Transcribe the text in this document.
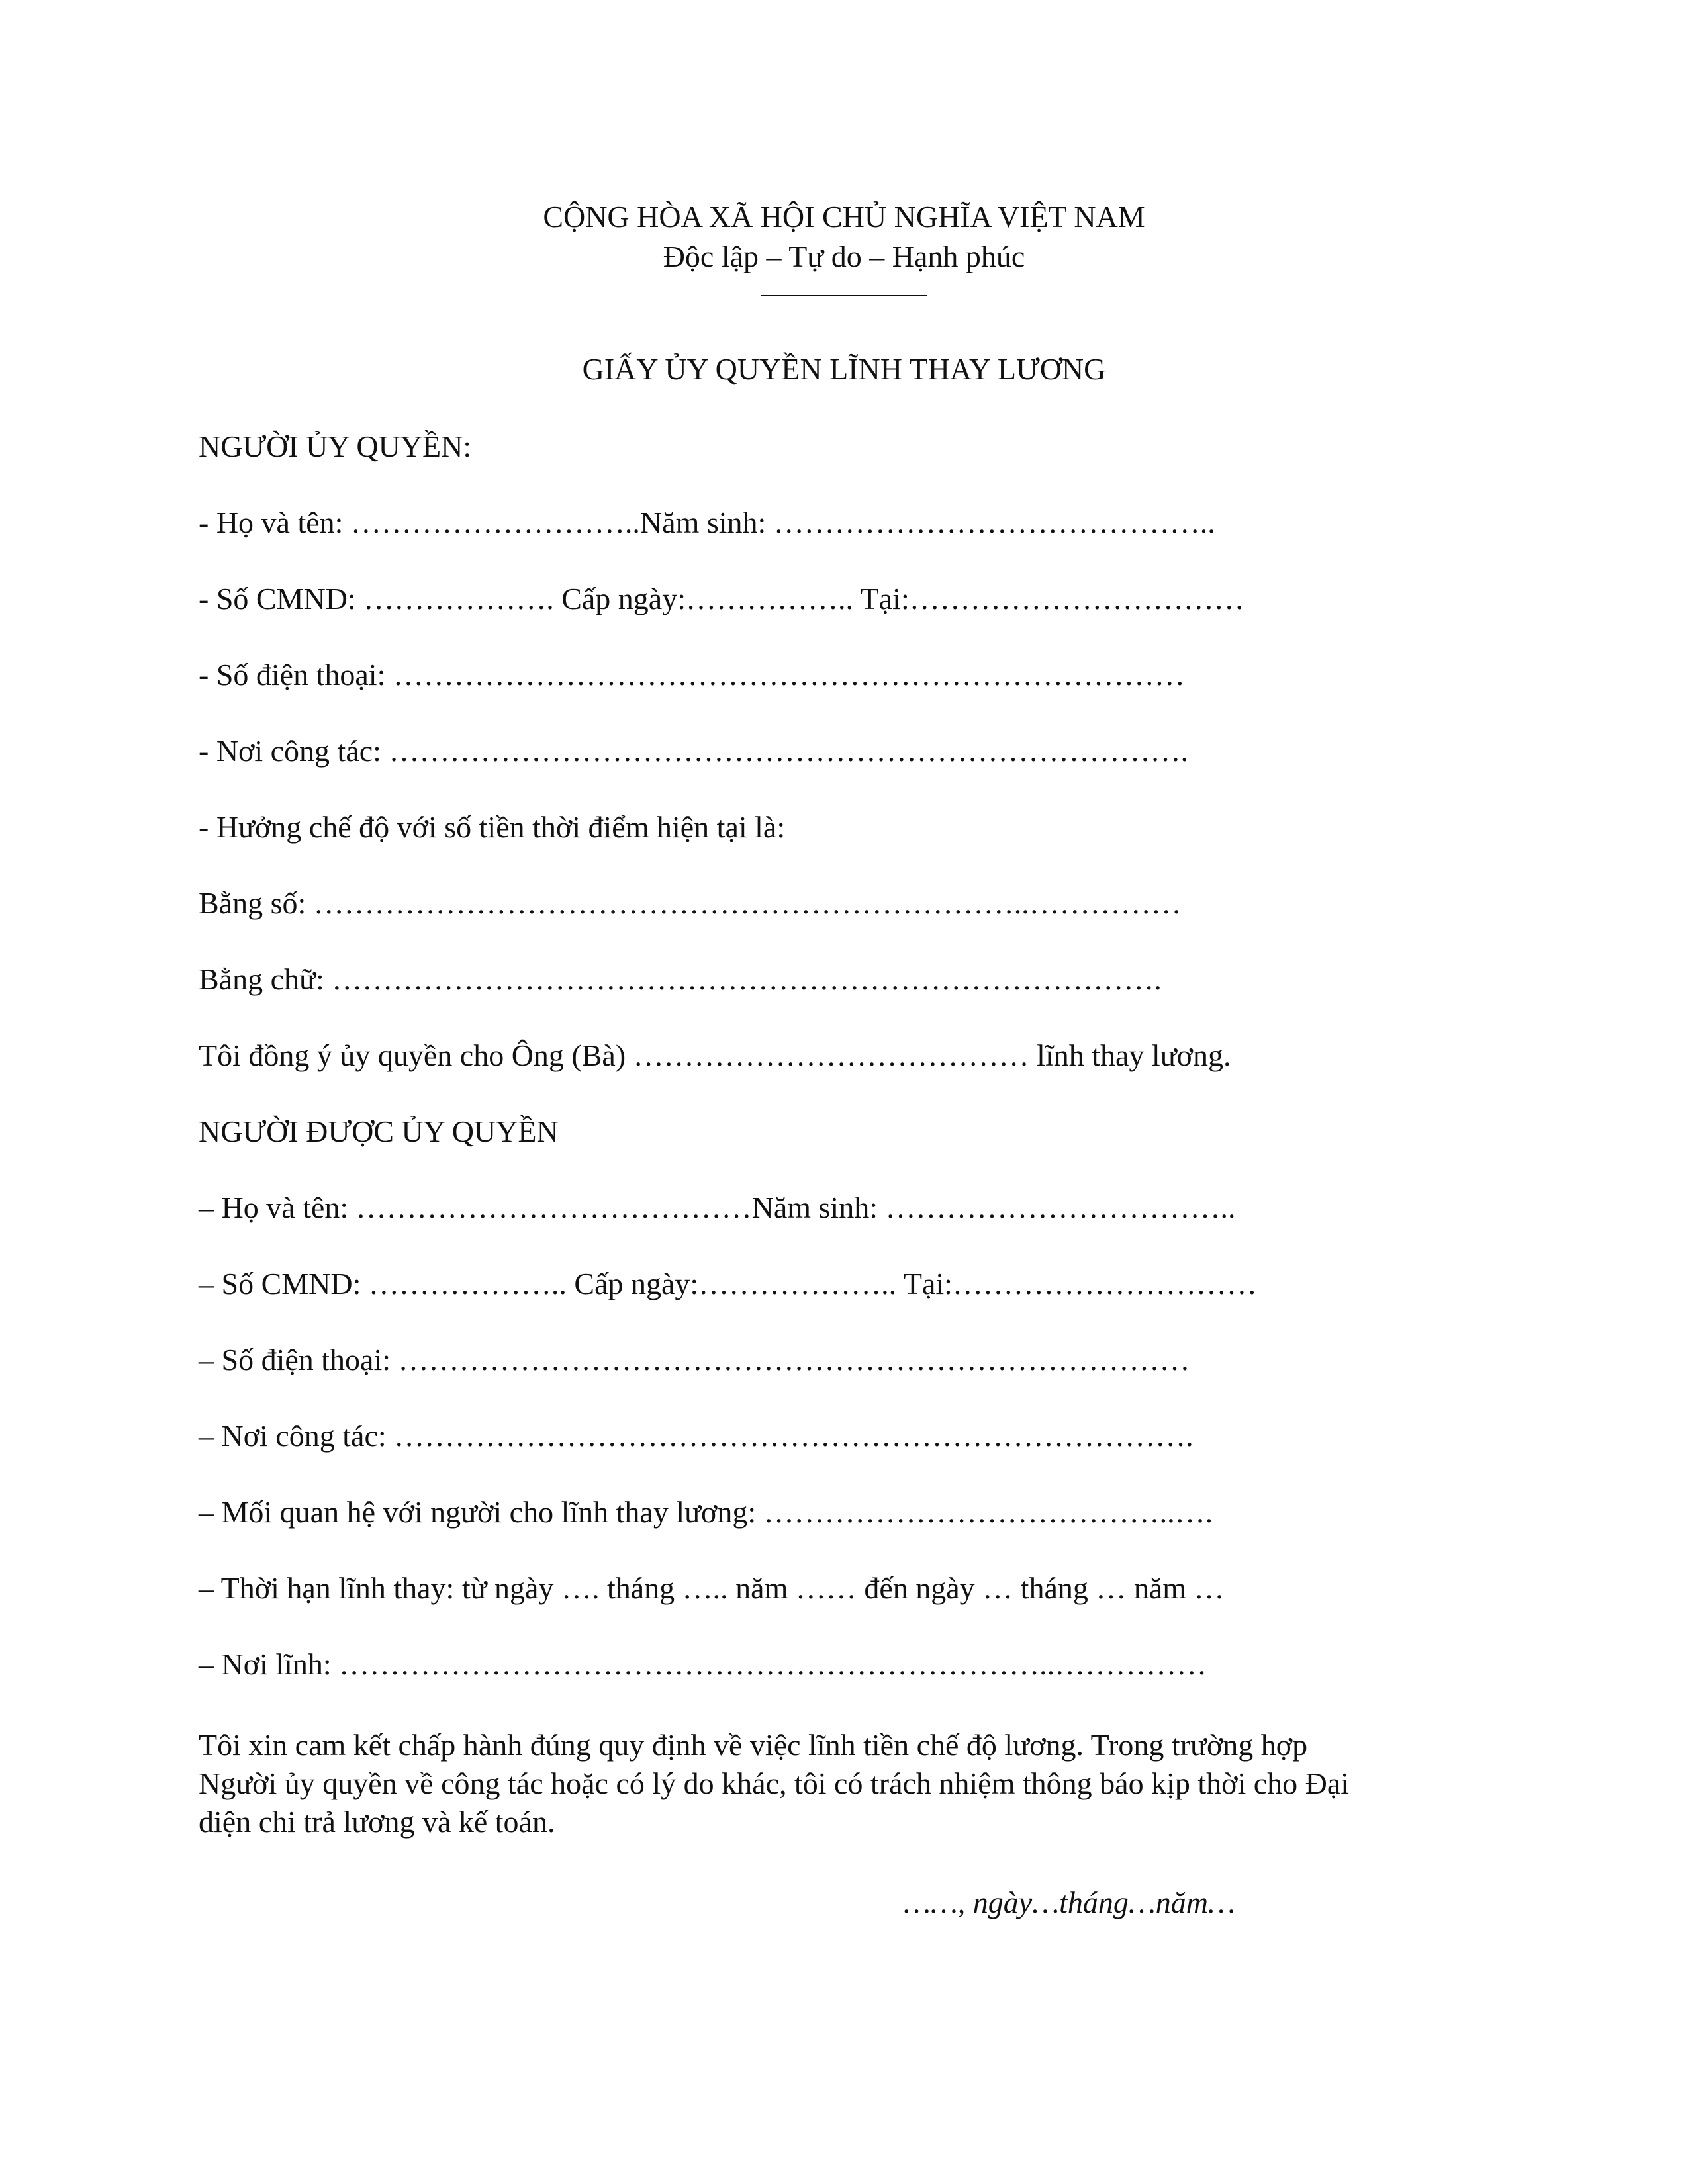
CỘNG HÒA XÃ HỘI CHỦ NGHĨA VIỆT NAM
Độc lập – Tự do – Hạnh phúc
GIẤY ỦY QUYỀN LĨNH THAY LƯƠNG
NGƯỜI ỦY QUYỀN:
- Họ và tên: ………………………..Năm sinh: ……………………………………..
- Số CMND: ………………. Cấp ngày:…………….. Tại:……………………………
- Số điện thoại: ……………………………………………………………………
- Nơi công tác: …………………………………………………………………….
- Hưởng chế độ với số tiền thời điểm hiện tại là:
Bằng số: ……………………………………………………………..……………
Bằng chữ: ……………………………………………………………………….
Tôi đồng ý ủy quyền cho Ông (Bà) ………………………………… lĩnh thay lương.
NGƯỜI ĐƯỢC ỦY QUYỀN
– Họ và tên: …………………………………Năm sinh: ……………………………..
– Số CMND: ……………….. Cấp ngày:……………….. Tại:…………………………
– Số điện thoại: ……………………………………………………………………
– Nơi công tác: …………………………………………………………………….
– Mối quan hệ với người cho lĩnh thay lương: …………………………………..….
– Thời hạn lĩnh thay: từ ngày …. tháng ….. năm …… đến ngày … tháng … năm …
– Nơi lĩnh: ……………………………………………………………..……………
Tôi xin cam kết chấp hành đúng quy định về việc lĩnh tiền chế độ lương. Trong trường hợp
Người ủy quyền về công tác hoặc có lý do khác, tôi có trách nhiệm thông báo kịp thời cho Đại
diện chi trả lương và kế toán.
……, ngày…tháng…năm…
